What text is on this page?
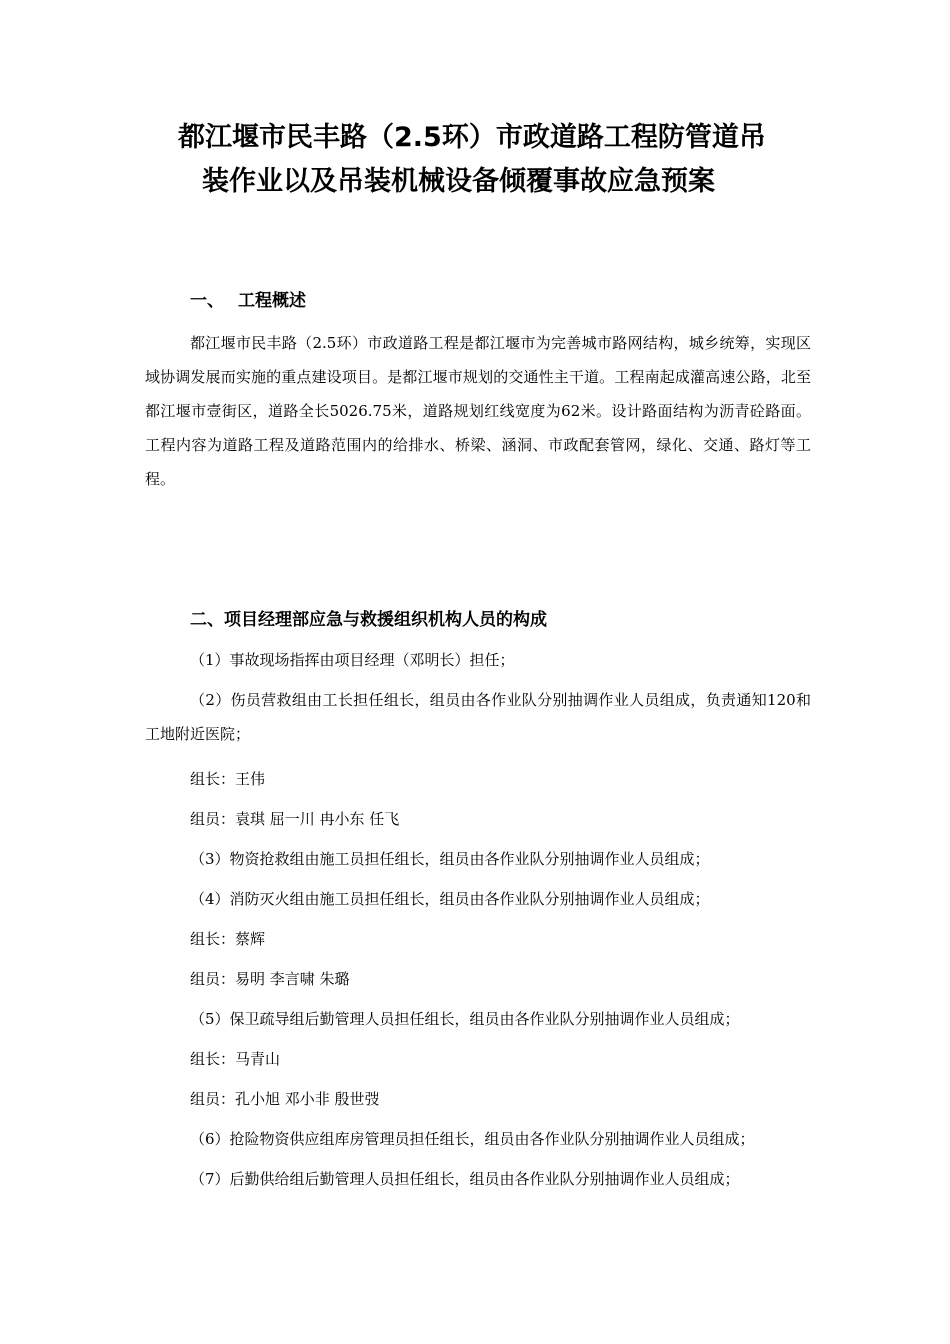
都江堰市民丰路（2.5环）市政道路工程防管道吊
装作业以及吊装机械设备倾覆事故应急预案
一、 工程概述
都江堰市民丰路（2.5环）市政道路工程是都江堰市为完善城市路网结构，城乡统筹，实现区域协调发展而实施的重点建设项目。是都江堰市规划的交通性主干道。工程南起成灌高速公路，北至都江堰市壹街区，道路全长5026.75米，道路规划红线宽度为62米。设计路面结构为沥青砼路面。工程内容为道路工程及道路范围内的给排水、桥梁、涵洞、市政配套管网，绿化、交通、路灯等工程。
二、项目经理部应急与救援组织机构人员的构成
（1）事故现场指挥由项目经理（邓明长）担任；
（2）伤员营救组由工长担任组长，组员由各作业队分别抽调作业人员组成，负责通知120和工地附近医院；
组长：王伟
组员：袁琪 屈一川 冉小东 任飞
（3）物资抢救组由施工员担任组长，组员由各作业队分别抽调作业人员组成；
（4）消防灭火组由施工员担任组长，组员由各作业队分别抽调作业人员组成；
组长：蔡辉
组员：易明 李言啸 朱璐
（5）保卫疏导组后勤管理人员担任组长，组员由各作业队分别抽调作业人员组成；
组长：马青山
组员：孔小旭 邓小非 殷世弢
（6）抢险物资供应组库房管理员担任组长，组员由各作业队分别抽调作业人员组成；
（7）后勤供给组后勤管理人员担任组长，组员由各作业队分别抽调作业人员组成；
